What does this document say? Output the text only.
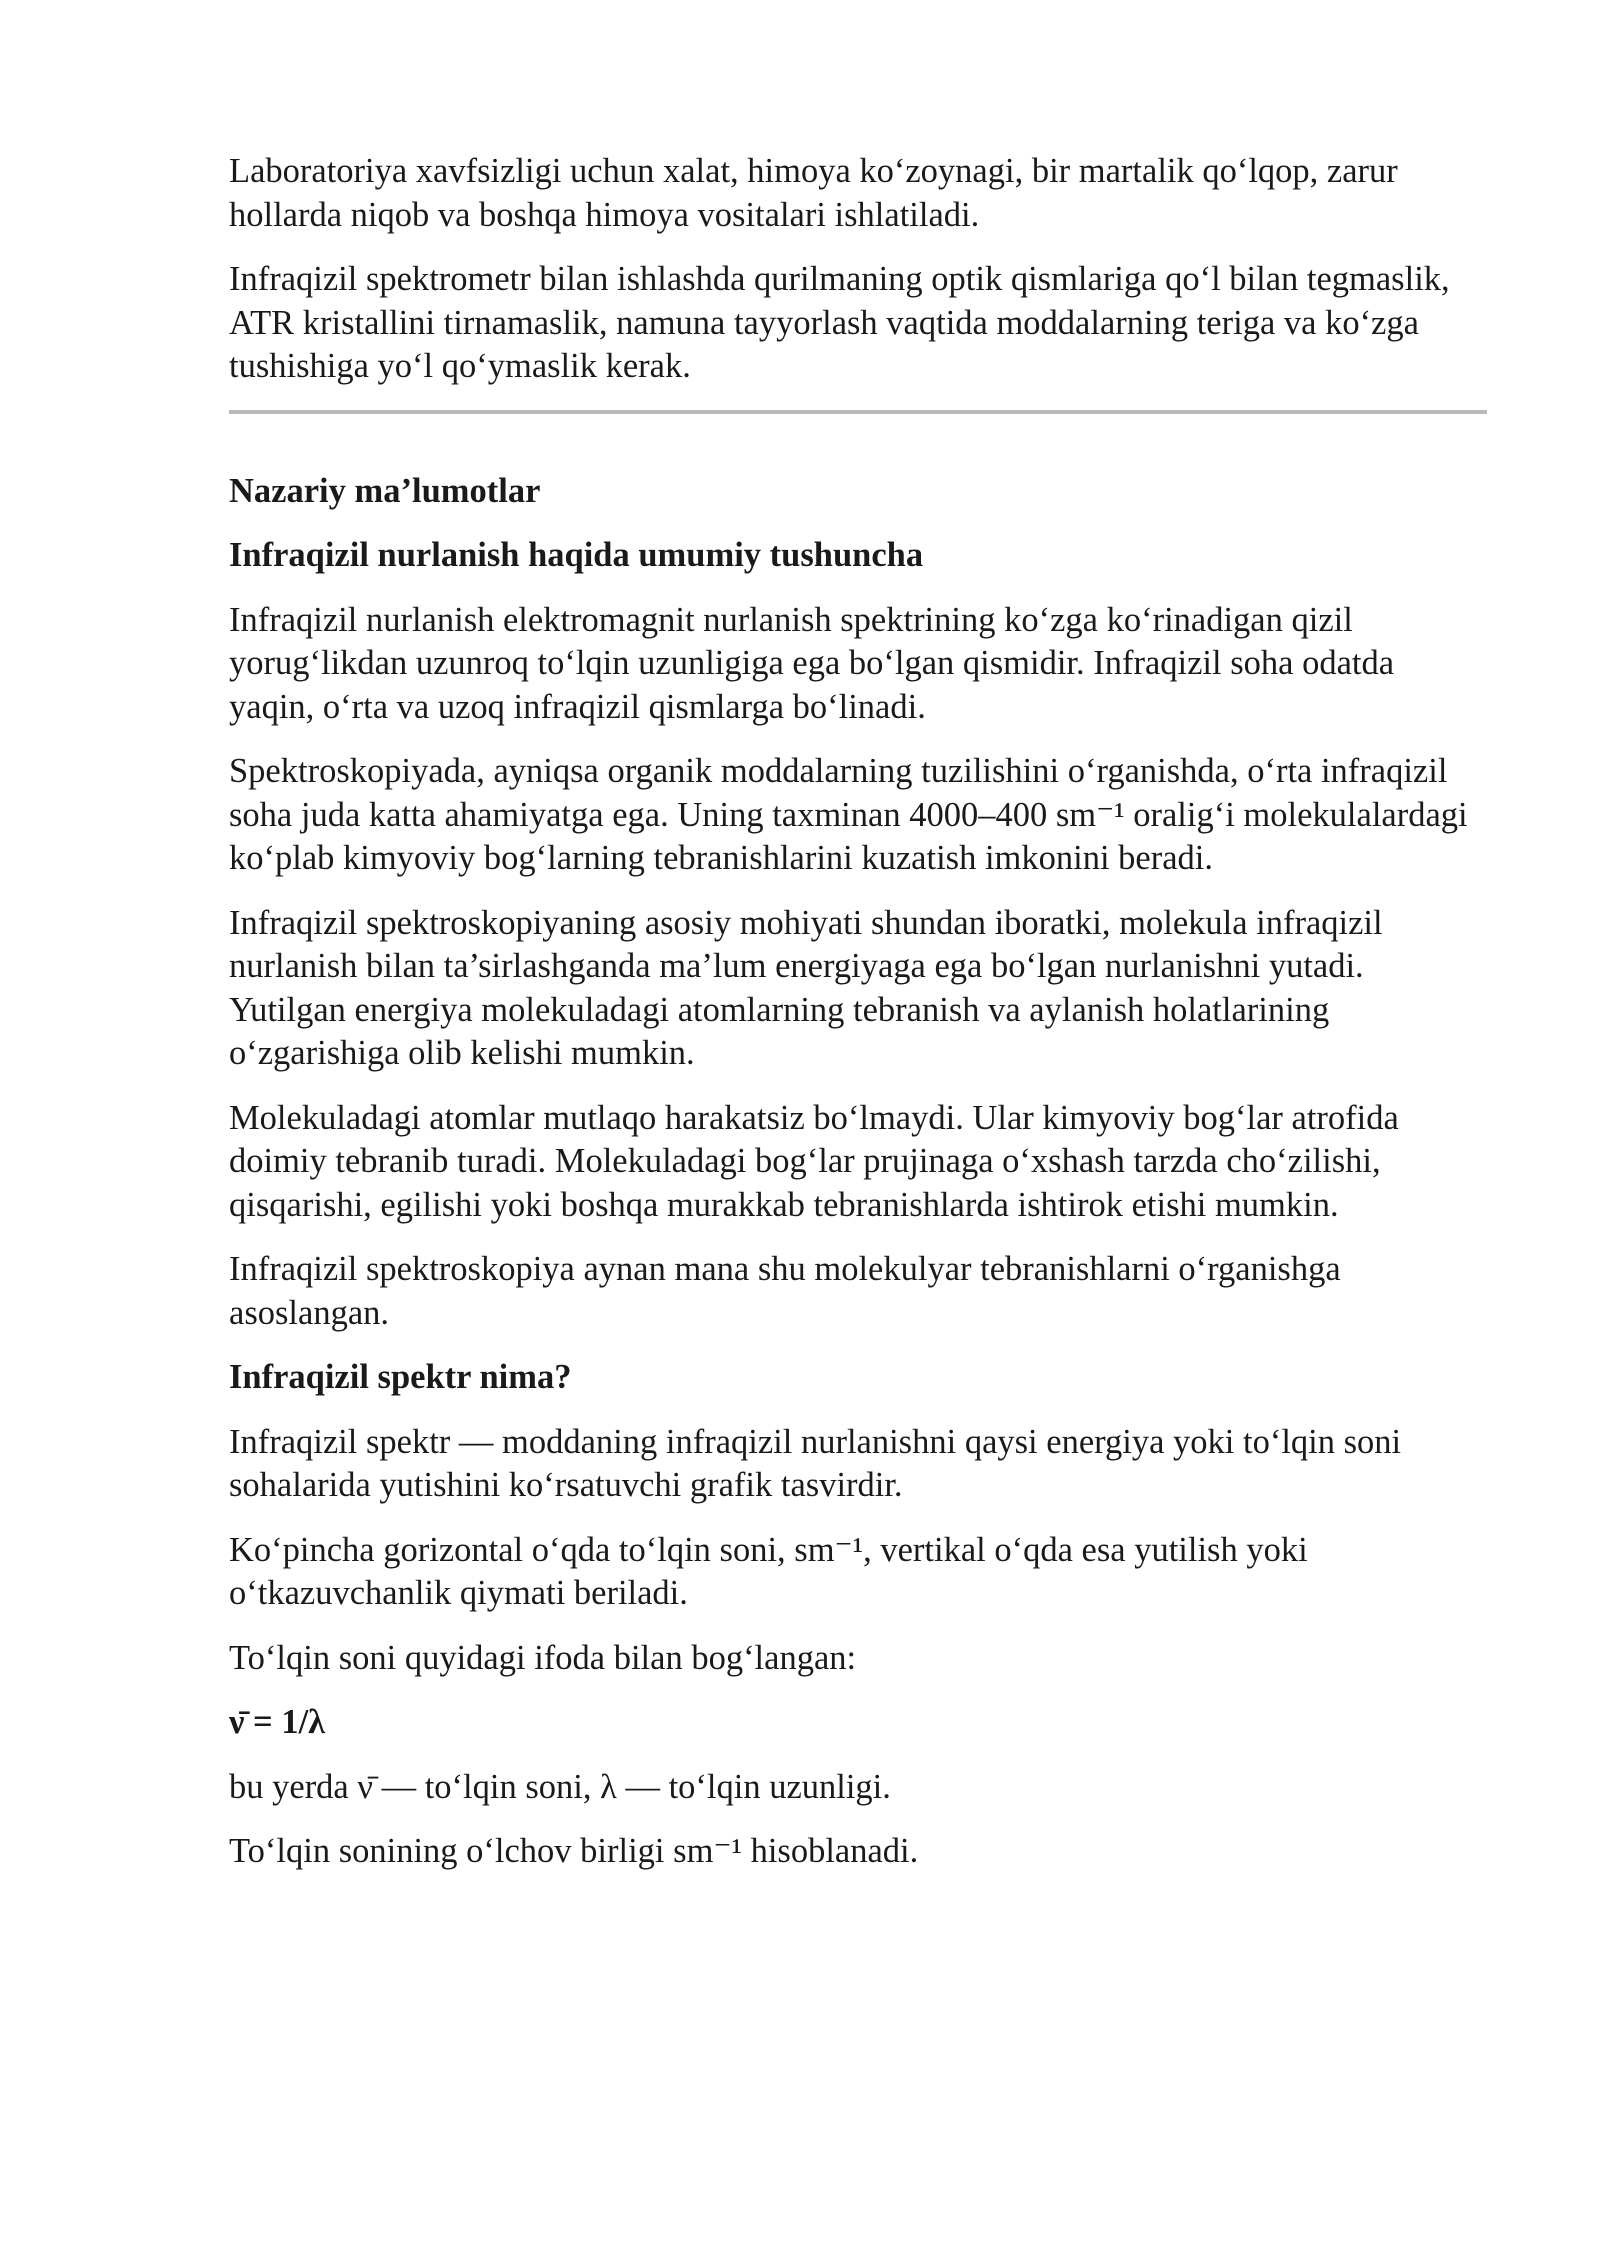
Laboratoriya xavfsizligi uchun xalat, himoya ko‘zoynagi, bir martalik qo‘lqop, zarur hollarda niqob va boshqa himoya vositalari ishlatiladi.

Infraqizil spektrometr bilan ishlashda qurilmaning optik qismlariga qo‘l bilan tegmaslik, ATR kristallini tirnamaslik, namuna tayyorlash vaqtida moddalarning teriga va ko‘zga tushishiga yo‘l qo‘ymaslik kerak.

Nazariy ma’lumotlar
Infraqizil nurlanish haqida umumiy tushuncha

Infraqizil nurlanish elektromagnit nurlanish spektrining ko‘zga ko‘rinadigan qizil yorug‘likdan uzunroq to‘lqin uzunligiga ega bo‘lgan qismidir. Infraqizil soha odatda yaqin, o‘rta va uzoq infraqizil qismlarga bo‘linadi.

Spektroskopiyada, ayniqsa organik moddalarning tuzilishini o‘rganishda, o‘rta infraqizil soha juda katta ahamiyatga ega. Uning taxminan 4000–400 sm⁻¹ oralig‘i molekulalardagi ko‘plab kimyoviy bog‘larning tebranishlarini kuzatish imkonini beradi.

Infraqizil spektroskopiyaning asosiy mohiyati shundan iboratki, molekula infraqizil nurlanish bilan ta’sirlashganda ma’lum energiyaga ega bo‘lgan nurlanishni yutadi. Yutilgan energiya molekuladagi atomlarning tebranish va aylanish holatlarining o‘zgarishiga olib kelishi mumkin.

Molekuladagi atomlar mutlaqo harakatsiz bo‘lmaydi. Ular kimyoviy bog‘lar atrofida doimiy tebranib turadi. Molekuladagi bog‘lar prujinaga o‘xshash tarzda cho‘zilishi, qisqarishi, egilishi yoki boshqa murakkab tebranishlarda ishtirok etishi mumkin.

Infraqizil spektroskopiya aynan mana shu molekulyar tebranishlarni o‘rganishga asoslangan.

Infraqizil spektr nima?

Infraqizil spektr — moddaning infraqizil nurlanishni qaysi energiya yoki to‘lqin soni sohalarida yutishini ko‘rsatuvchi grafik tasvirdir.

Ko‘pincha gorizontal o‘qda to‘lqin soni, sm⁻¹, vertikal o‘qda esa yutilish yoki o‘tkazuvchanlik qiymati beriladi.

To‘lqin soni quyidagi ifoda bilan bog‘langan:

ν̄ = 1/λ

bu yerda ν̄ — to‘lqin soni, λ — to‘lqin uzunligi.

To‘lqin sonining o‘lchov birligi sm⁻¹ hisoblanadi.
